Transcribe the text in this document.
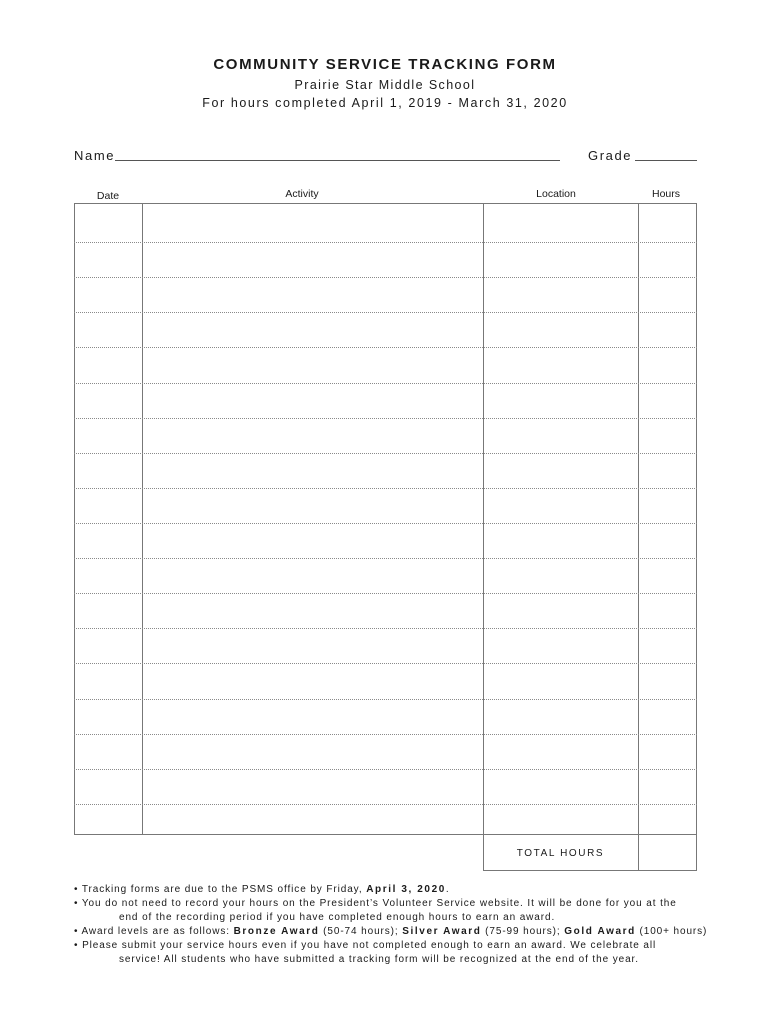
COMMUNITY SERVICE TRACKING FORM
Prairie Star Middle School
For hours completed April 1, 2019 - March 31, 2020
Name	Grade
Date	Activity	Location	Hours
TOTAL HOURS

• Tracking forms are due to the PSMS office by Friday, April 3, 2020.

• You do not need to record your hours on the President’s Volunteer Service website. It will be done for you at the

end of the recording period if you have completed enough hours to earn an award.

• Award levels are as follows: Bronze Award (50-74 hours); Silver Award (75-99 hours); Gold Award (100+ hours)

• Please submit your service hours even if you have not completed enough to earn an award. We celebrate all

service! All students who have submitted a tracking form will be recognized at the end of the year.
